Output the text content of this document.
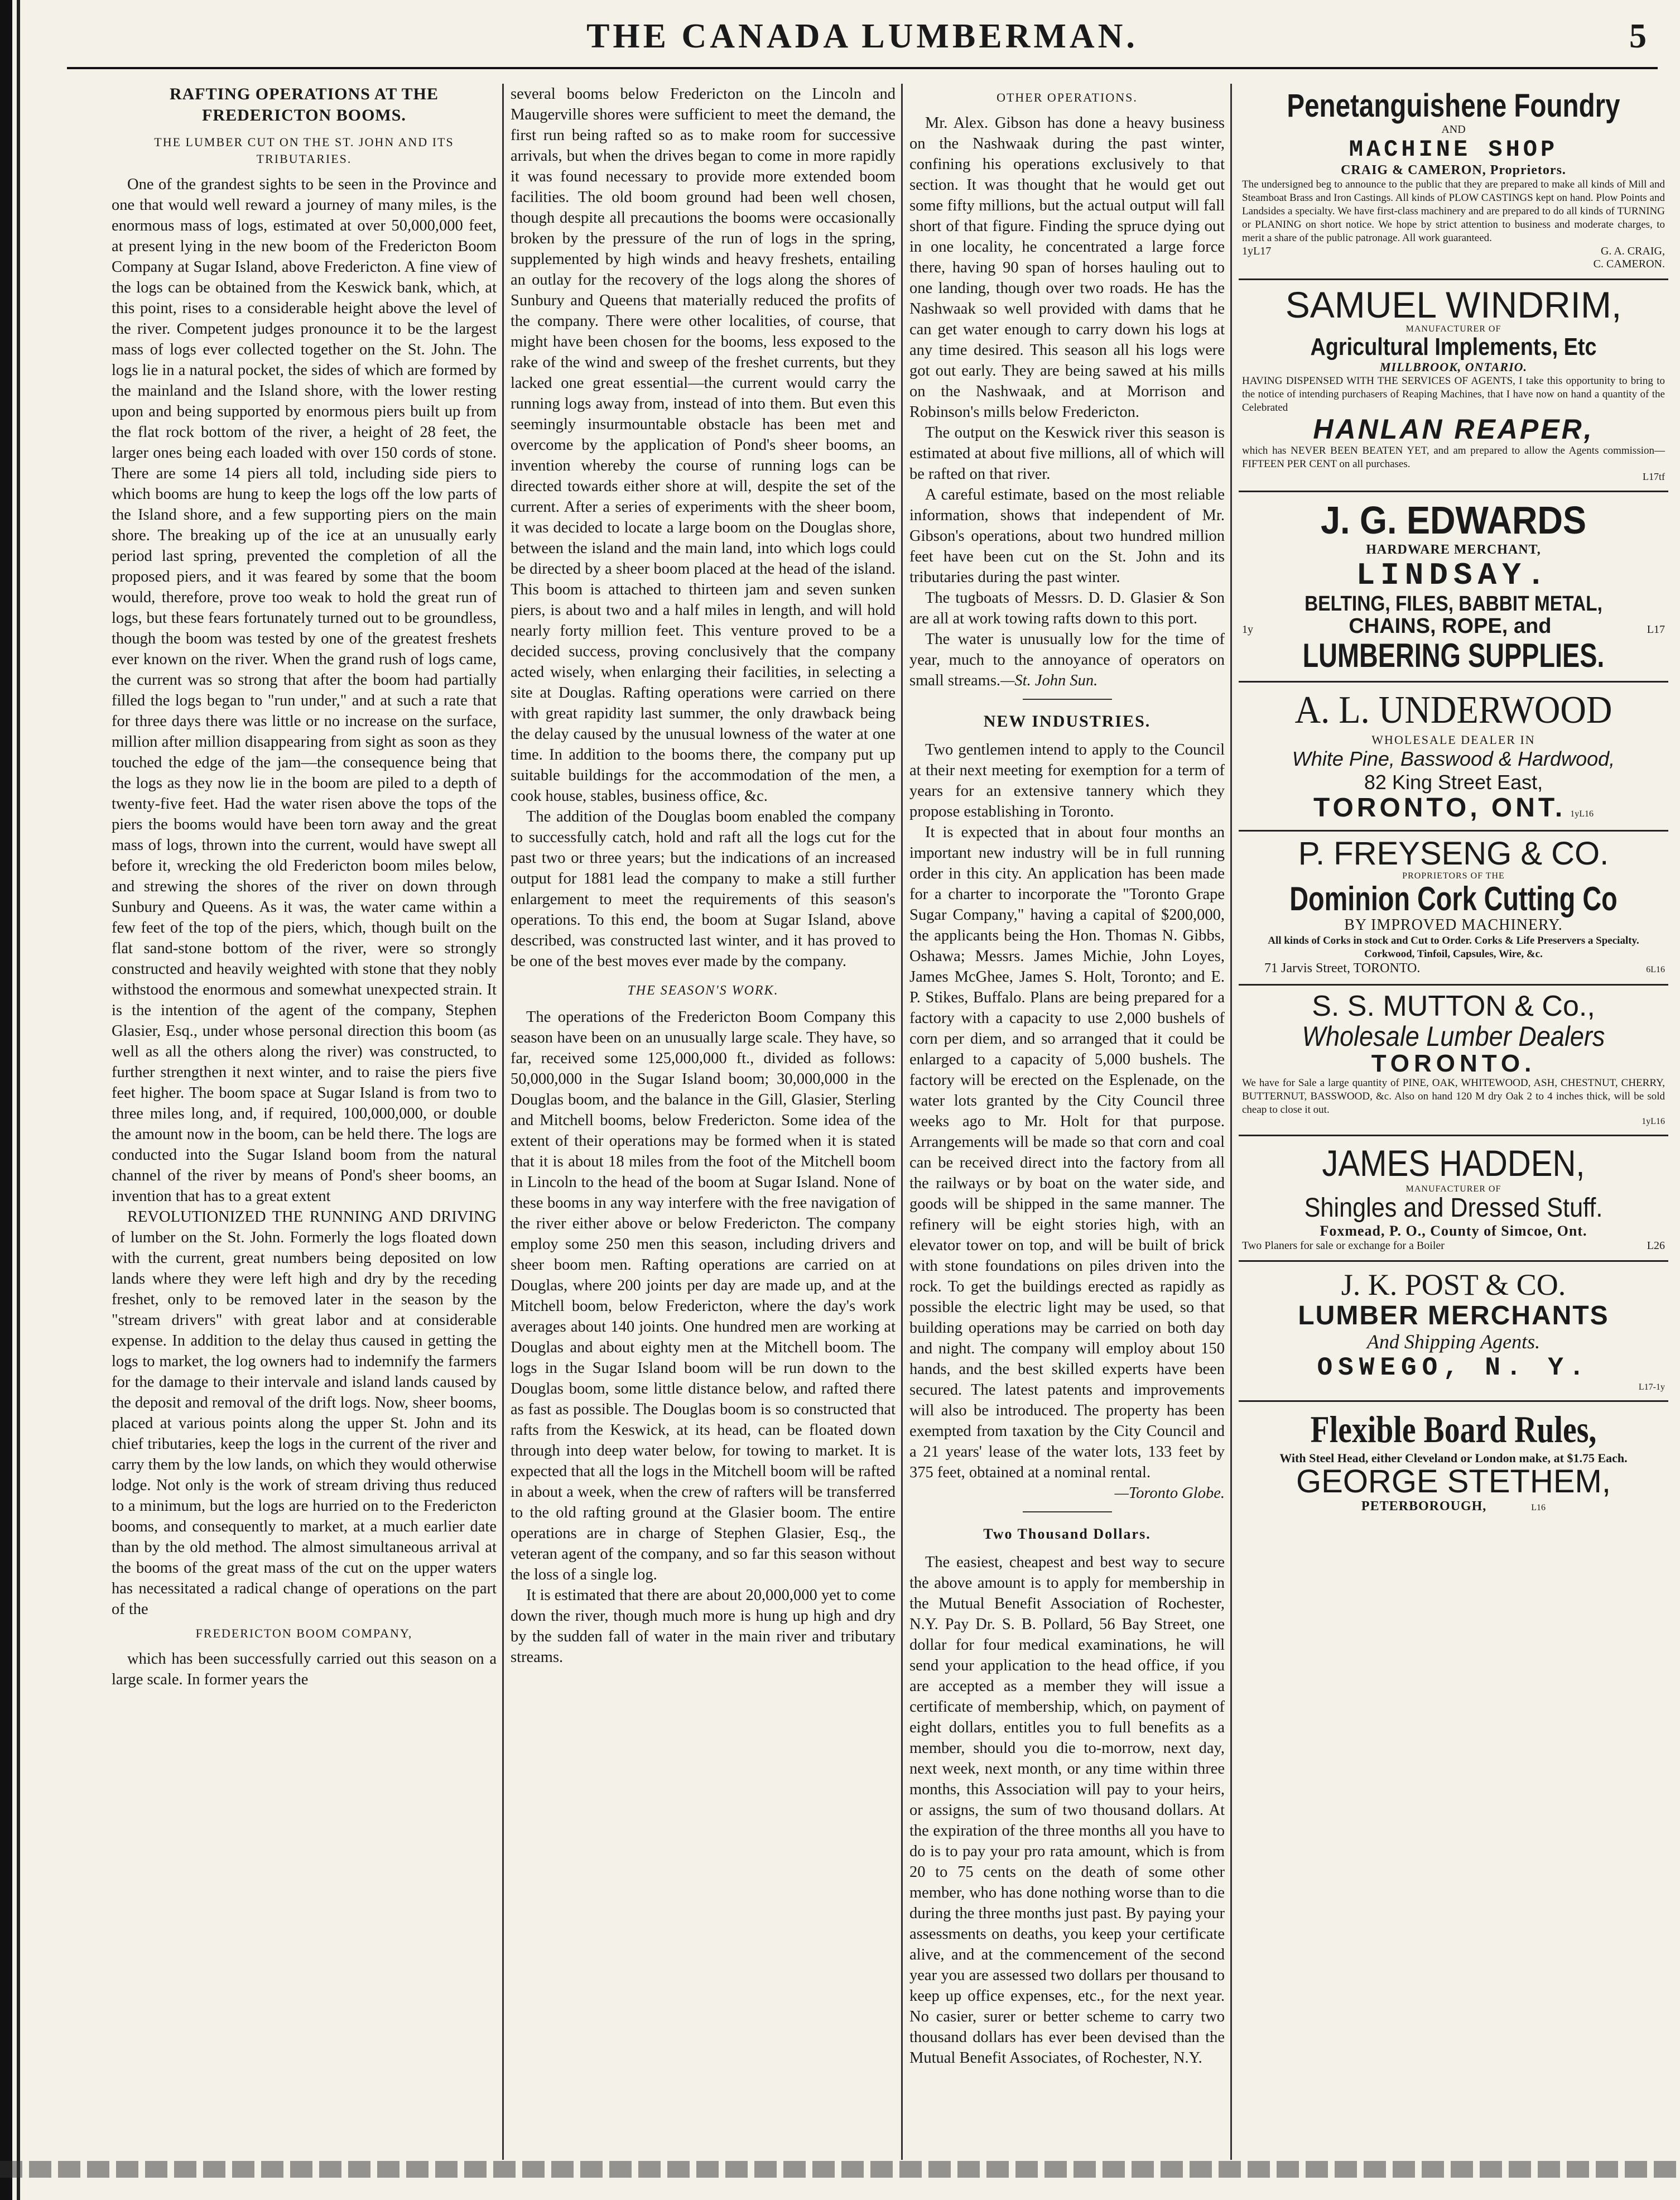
THE CANADA LUMBERMAN.	5
RAFTING OPERATIONS AT THE FREDERICTON BOOMS.
THE LUMBER CUT ON THE ST. JOHN AND ITS TRIBUTARIES.

One of the grandest sights to be seen in the Province and one that would well reward a journey of many miles, is the enormous mass of logs, estimated at over 50,000,000 feet, at present lying in the new boom of the Fredericton Boom Company at Sugar Island, above Fredericton. A fine view of the logs can be obtained from the Keswick bank, which, at this point, rises to a considerable height above the level of the river. Competent judges pronounce it to be the largest mass of logs ever collected together on the St. John. The logs lie in a natural pocket, the sides of which are formed by the mainland and the Island shore, with the lower resting upon and being supported by enormous piers built up from the flat rock bottom of the river, a height of 28 feet, the larger ones being each loaded with over 150 cords of stone. There are some 14 piers all told, including side piers to which booms are hung to keep the logs off the low parts of the Island shore, and a few supporting piers on the main shore. The breaking up of the ice at an unusually early period last spring, prevented the completion of all the proposed piers, and it was feared by some that the boom would, therefore, prove too weak to hold the great run of logs, but these fears fortunately turned out to be groundless, though the boom was tested by one of the greatest freshets ever known on the river. When the grand rush of logs came, the current was so strong that after the boom had partially filled the logs began to "run under," and at such a rate that for three days there was little or no increase on the surface, million after million disappearing from sight as soon as they touched the edge of the jam—the consequence being that the logs as they now lie in the boom are piled to a depth of twenty-five feet. Had the water risen above the tops of the piers the booms would have been torn away and the great mass of logs, thrown into the current, would have swept all before it, wrecking the old Fredericton boom miles below, and strewing the shores of the river on down through Sunbury and Queens. As it was, the water came within a few feet of the top of the piers, which, though built on the flat sand-stone bottom of the river, were so strongly constructed and heavily weighted with stone that they nobly withstood the enormous and somewhat unexpected strain. It is the intention of the agent of the company, Stephen Glasier, Esq., under whose personal direction this boom (as well as all the others along the river) was constructed, to further strengthen it next winter, and to raise the piers five feet higher. The boom space at Sugar Island is from two to three miles long, and, if required, 100,000,000, or double the amount now in the boom, can be held there. The logs are conducted into the Sugar Island boom from the natural channel of the river by means of Pond's sheer booms, an invention that has to a great extent

REVOLUTIONIZED THE RUNNING AND DRIVING of lumber on the St. John. Formerly the logs floated down with the current, great numbers being deposited on low lands where they were left high and dry by the receding freshet, only to be removed later in the season by the "stream drivers" with great labor and at considerable expense. In addition to the delay thus caused in getting the logs to market, the log owners had to indemnify the farmers for the damage to their intervale and island lands caused by the deposit and removal of the drift logs. Now, sheer booms, placed at various points along the upper St. John and its chief tributaries, keep the logs in the current of the river and carry them by the low lands, on which they would otherwise lodge. Not only is the work of stream driving thus reduced to a minimum, but the logs are hurried on to the Fredericton booms, and consequently to market, at a much earlier date than by the old method. The almost simultaneous arrival at the booms of the great mass of the cut on the upper waters has necessitated a radical change of operations on the part of the

FREDERICTON BOOM COMPANY,

which has been successfully carried out this season on a large scale. In former years the

several booms below Fredericton on the Lincoln and Maugerville shores were sufficient to meet the demand, the first run being rafted so as to make room for successive arrivals, but when the drives began to come in more rapidly it was found necessary to provide more extended boom facilities. The old boom ground had been well chosen, though despite all precautions the booms were occasionally broken by the pressure of the run of logs in the spring, supplemented by high winds and heavy freshets, entailing an outlay for the recovery of the logs along the shores of Sunbury and Queens that materially reduced the profits of the company. There were other localities, of course, that might have been chosen for the booms, less exposed to the rake of the wind and sweep of the freshet currents, but they lacked one great essential—the current would carry the running logs away from, instead of into them. But even this seemingly insurmountable obstacle has been met and overcome by the application of Pond's sheer booms, an invention whereby the course of running logs can be directed towards either shore at will, despite the set of the current. After a series of experiments with the sheer boom, it was decided to locate a large boom on the Douglas shore, between the island and the main land, into which logs could be directed by a sheer boom placed at the head of the island. This boom is attached to thirteen jam and seven sunken piers, is about two and a half miles in length, and will hold nearly forty million feet. This venture proved to be a decided success, proving conclusively that the company acted wisely, when enlarging their facilities, in selecting a site at Douglas. Rafting operations were carried on there with great rapidity last summer, the only drawback being the delay caused by the unusual lowness of the water at one time. In addition to the booms there, the company put up suitable buildings for the accommodation of the men, a cook house, stables, business office, &c.

The addition of the Douglas boom enabled the company to successfully catch, hold and raft all the logs cut for the past two or three years; but the indications of an increased output for 1881 lead the company to make a still further enlargement to meet the requirements of this season's operations. To this end, the boom at Sugar Island, above described, was constructed last winter, and it has proved to be one of the best moves ever made by the company.

THE SEASON'S WORK.

The operations of the Fredericton Boom Company this season have been on an unusually large scale. They have, so far, received some 125,000,000 ft., divided as follows: 50,000,000 in the Sugar Island boom; 30,000,000 in the Douglas boom, and the balance in the Gill, Glasier, Sterling and Mitchell booms, below Fredericton. Some idea of the extent of their operations may be formed when it is stated that it is about 18 miles from the foot of the Mitchell boom in Lincoln to the head of the boom at Sugar Island. None of these booms in any way interfere with the free navigation of the river either above or below Fredericton. The company employ some 250 men this season, including drivers and sheer boom men. Rafting operations are carried on at Douglas, where 200 joints per day are made up, and at the Mitchell boom, below Fredericton, where the day's work averages about 140 joints. One hundred men are working at Douglas and about eighty men at the Mitchell boom. The logs in the Sugar Island boom will be run down to the Douglas boom, some little distance below, and rafted there as fast as possible. The Douglas boom is so constructed that rafts from the Keswick, at its head, can be floated down through into deep water below, for towing to market. It is expected that all the logs in the Mitchell boom will be rafted in about a week, when the crew of rafters will be transferred to the old rafting ground at the Glasier boom. The entire operations are in charge of Stephen Glasier, Esq., the veteran agent of the company, and so far this season without the loss of a single log.

It is estimated that there are about 20,000,000 yet to come down the river, though much more is hung up high and dry by the sudden fall of water in the main river and tributary streams.

OTHER OPERATIONS.

Mr. Alex. Gibson has done a heavy business on the Nashwaak during the past winter, confining his operations exclusively to that section. It was thought that he would get out some fifty millions, but the actual output will fall short of that figure. Finding the spruce dying out in one locality, he concentrated a large force there, having 90 span of horses hauling out to one landing, though over two roads. He has the Nashwaak so well provided with dams that he can get water enough to carry down his logs at any time desired. This season all his logs were got out early. They are being sawed at his mills on the Nashwaak, and at Morrison and Robinson's mills below Fredericton.

The output on the Keswick river this season is estimated at about five millions, all of which will be rafted on that river.

A careful estimate, based on the most reliable information, shows that independent of Mr. Gibson's operations, about two hundred million feet have been cut on the St. John and its tributaries during the past winter.

The tugboats of Messrs. D. D. Glasier & Son are all at work towing rafts down to this port.

The water is unusually low for the time of year, much to the annoyance of operators on small streams.—St. John Sun.

NEW INDUSTRIES.

Two gentlemen intend to apply to the Council at their next meeting for exemption for a term of years for an extensive tannery which they propose establishing in Toronto.

It is expected that in about four months an important new industry will be in full running order in this city. An application has been made for a charter to incorporate the "Toronto Grape Sugar Company," having a capital of $200,000, the applicants being the Hon. Thomas N. Gibbs, Oshawa; Messrs. James Michie, John Loyes, James McGhee, James S. Holt, Toronto; and E. P. Stikes, Buffalo. Plans are being prepared for a factory with a capacity to use 2,000 bushels of corn per diem, and so arranged that it could be enlarged to a capacity of 5,000 bushels. The factory will be erected on the Esplenade, on the water lots granted by the City Council three weeks ago to Mr. Holt for that purpose. Arrangements will be made so that corn and coal can be received direct into the factory from all the railways or by boat on the water side, and goods will be shipped in the same manner. The refinery will be eight stories high, with an elevator tower on top, and will be built of brick with stone foundations on piles driven into the rock. To get the buildings erected as rapidly as possible the electric light may be used, so that building operations may be carried on both day and night. The company will employ about 150 hands, and the best skilled experts have been secured. The latest patents and improvements will also be introduced. The property has been exempted from taxation by the City Council and a 21 years' lease of the water lots, 133 feet by 375 feet, obtained at a nominal rental.

—Toronto Globe.

Two Thousand Dollars.

The easiest, cheapest and best way to secure the above amount is to apply for membership in the Mutual Benefit Association of Rochester, N.Y. Pay Dr. S. B. Pollard, 56 Bay Street, one dollar for four medical examinations, he will send your application to the head office, if you are accepted as a member they will issue a certificate of membership, which, on payment of eight dollars, entitles you to full benefits as a member, should you die to-morrow, next day, next week, next month, or any time within three months, this Association will pay to your heirs, or assigns, the sum of two thousand dollars. At the expiration of the three months all you have to do is to pay your pro rata amount, which is from 20 to 75 cents on the death of some other member, who has done nothing worse than to die during the three months just past. By paying your assessments on deaths, you keep your certificate alive, and at the commencement of the second year you are assessed two dollars per thousand to keep up office expenses, etc., for the next year. No casier, surer or better scheme to carry two thousand dollars has ever been devised than the Mutual Benefit Associates, of Rochester, N.Y.

Penetanguishene Foundry
AND
MACHINE SHOP
CRAIG & CAMERON, Proprietors.
The undersigned beg to announce to the public that they are prepared to make all kinds of Mill and Steamboat Brass and Iron Castings. All kinds of PLOW CASTINGS kept on hand. Plow Points and Landsides a specialty. We have first-class machinery and are prepared to do all kinds of TURNING or PLANING on short notice. We hope by strict attention to business and moderate charges, to merit a share of the public patronage. All work guaranteed.
1yL17	G. A. CRAIG,
C. CAMERON.
SAMUEL WINDRIM,
MANUFACTURER OF
Agricultural Implements, Etc
MILLBROOK, ONTARIO.
HAVING DISPENSED WITH THE SERVICES OF AGENTS, I take this opportunity to bring to the notice of intending purchasers of Reaping Machines, that I have now on hand a quantity of the Celebrated
HANLAN REAPER,
which has NEVER BEEN BEATEN YET, and am prepared to allow the Agents commission—FIFTEEN PER CENT on all purchases.
L17tf
J. G. EDWARDS
HARDWARE MERCHANT,
LINDSAY.
BELTING, FILES, BABBIT METAL,
1y	CHAINS, ROPE, and	L17
LUMBERING SUPPLIES.
A. L. UNDERWOOD
WHOLESALE DEALER IN
White Pine, Basswood & Hardwood,
82 King Street East,
TORONTO, ONT. 1yL16
P. FREYSENG & CO.
PROPRIETORS OF THE
Dominion Cork Cutting Co
BY IMPROVED MACHINERY.
All kinds of Corks in stock and Cut to Order. Corks & Life Preservers a Specialty. Corkwood, Tinfoil, Capsules, Wire, &c.
71 Jarvis Street, TORONTO.	6L16
S. S. MUTTON & Co.,
Wholesale Lumber Dealers
TORONTO.
We have for Sale a large quantity of PINE, OAK, WHITEWOOD, ASH, CHESTNUT, CHERRY, BUTTERNUT, BASSWOOD, &c. Also on hand 120 M dry Oak 2 to 4 inches thick, will be sold cheap to close it out.
1yL16
JAMES HADDEN,
MANUFACTURER OF
Shingles and Dressed Stuff.
Foxmead, P. O., County of Simcoe, Ont.
Two Planers for sale or exchange for a Boiler	L26
J. K. POST & CO.
LUMBER MERCHANTS
And Shipping Agents.
OSWEGO, N. Y.
L17-1y
Flexible Board Rules,
With Steel Head, either Cleveland or London make, at $1.75 Each.
GEORGE STETHEM,
PETERBOROUGH,	L16
